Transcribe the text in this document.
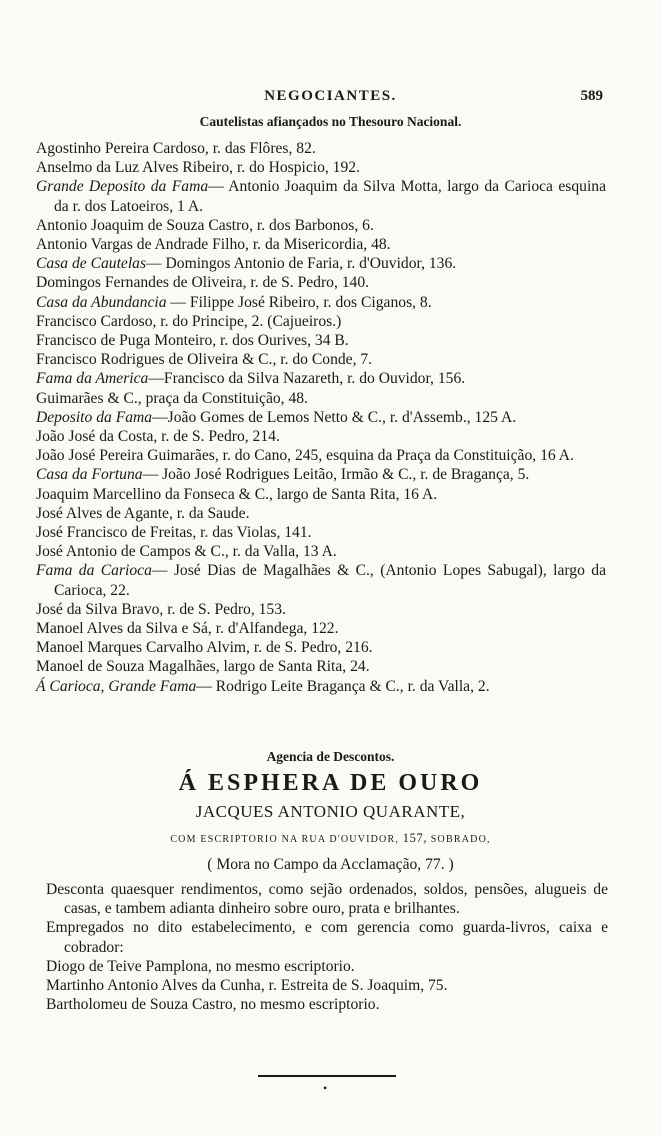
NEGOCIANTES.	589
Cautelistas afiançados no Thesouro Nacional.

Agostinho Pereira Cardoso, r. das Flôres, 82.

Anselmo da Luz Alves Ribeiro, r. do Hospicio, 192.

Grande Deposito da Fama— Antonio Joaquim da Silva Motta, largo da Carioca esquina da r. dos Latoeiros, 1 A.

Antonio Joaquim de Souza Castro, r. dos Barbonos, 6.

Antonio Vargas de Andrade Filho, r. da Misericordia, 48.

Casa de Cautelas— Domingos Antonio de Faria, r. d'Ouvidor, 136.

Domingos Fernandes de Oliveira, r. de S. Pedro, 140.

Casa da Abundancia — Filippe José Ribeiro, r. dos Ciganos, 8.

Francisco Cardoso, r. do Principe, 2. (Cajueiros.)

Francisco de Puga Monteiro, r. dos Ourives, 34 B.

Francisco Rodrigues de Oliveira & C., r. do Conde, 7.

Fama da America—Francisco da Silva Nazareth, r. do Ouvidor, 156.

Guimarães & C., praça da Constituição, 48.

Deposito da Fama—João Gomes de Lemos Netto & C., r. d'Assemb., 125 A.

João José da Costa, r. de S. Pedro, 214.

João José Pereira Guimarães, r. do Cano, 245, esquina da Praça da Constituição, 16 A.

Casa da Fortuna— João José Rodrigues Leitão, Irmão & C., r. de Bragança, 5.

Joaquim Marcellino da Fonseca & C., largo de Santa Rita, 16 A.

José Alves de Agante, r. da Saude.

José Francisco de Freitas, r. das Violas, 141.

José Antonio de Campos & C., r. da Valla, 13 A.

Fama da Carioca— José Dias de Magalhães & C., (Antonio Lopes Sabugal), largo da Carioca, 22.

José da Silva Bravo, r. de S. Pedro, 153.

Manoel Alves da Silva e Sá, r. d'Alfandega, 122.

Manoel Marques Carvalho Alvim, r. de S. Pedro, 216.

Manoel de Souza Magalhães, largo de Santa Rita, 24.

Á Carioca, Grande Fama— Rodrigo Leite Bragança & C., r. da Valla, 2.

Agencia de Descontos.
Á ESPHERA DE OURO
JACQUES ANTONIO QUARANTE,
COM ESCRIPTORIO NA RUA D'OUVIDOR, 157, SOBRADO,
( Mora no Campo da Acclamação, 77. )

Desconta quaesquer rendimentos, como sejão ordenados, soldos, pensões, alugueis de casas, e tambem adianta dinheiro sobre ouro, prata e brilhantes.

Empregados no dito estabelecimento, e com gerencia como guarda-livros, caixa e cobrador:

Diogo de Teive Pamplona, no mesmo escriptorio.

Martinho Antonio Alves da Cunha, r. Estreita de S. Joaquim, 75.

Bartholomeu de Souza Castro, no mesmo escriptorio.

•
